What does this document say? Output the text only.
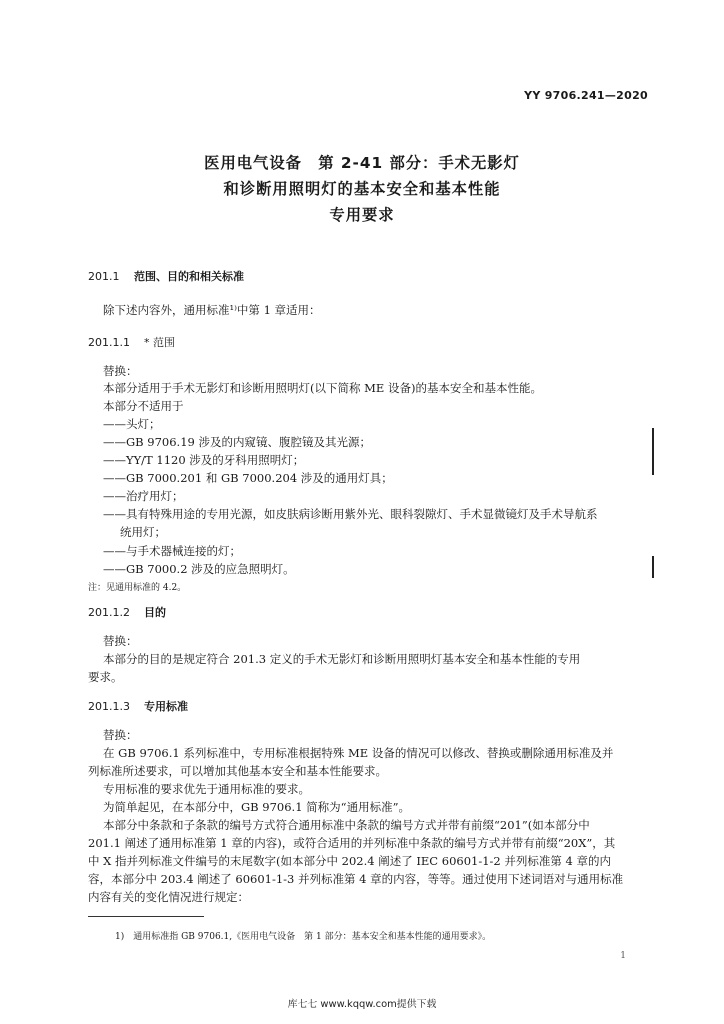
YY 9706.241—2020
医用电气设备　第 2-41 部分：手术无影灯
和诊断用照明灯的基本安全和基本性能
专用要求
201.1 范围、目的和相关标准
除下述内容外，通用标准¹⁾中第 1 章适用：
201.1.1 * 范围
替换：
本部分适用于手术无影灯和诊断用照明灯(以下简称 ME 设备)的基本安全和基本性能。
本部分不适用于
——头灯；
——GB 9706.19 涉及的内窥镜、腹腔镜及其光源；
——YY/T 1120 涉及的牙科用照明灯；
——GB 7000.201 和 GB 7000.204 涉及的通用灯具；
——治疗用灯；
——具有特殊用途的专用光源，如皮肤病诊断用紫外光、眼科裂隙灯、手术显微镜灯及手术导航系
统用灯；
——与手术器械连接的灯；
——GB 7000.2 涉及的应急照明灯。
注：见通用标准的 4.2。
201.1.2 目的
替换：
本部分的目的是规定符合 201.3 定义的手术无影灯和诊断用照明灯基本安全和基本性能的专用
要求。
201.1.3 专用标准
替换：
在 GB 9706.1 系列标准中，专用标准根据特殊 ME 设备的情况可以修改、替换或删除通用标准及并
列标准所述要求，可以增加其他基本安全和基本性能要求。
专用标准的要求优先于通用标准的要求。
为简单起见，在本部分中，GB 9706.1 简称为“通用标准”。
本部分中条款和子条款的编号方式符合通用标准中条款的编号方式并带有前缀“201”(如本部分中
201.1 阐述了通用标准第 1 章的内容)，或符合适用的并列标准中条款的编号方式并带有前缀“20X”，其
中 X 指并列标准文件编号的末尾数字(如本部分中 202.4 阐述了 IEC 60601-1-2 并列标准第 4 章的内
容，本部分中 203.4 阐述了 60601-1-3 并列标准第 4 章的内容，等等。通过使用下述词语对与通用标准
内容有关的变化情况进行规定：
1)　通用标准指 GB 9706.1,《医用电气设备　第 1 部分：基本安全和基本性能的通用要求》。
1
库七七 www.kqqw.com提供下载
